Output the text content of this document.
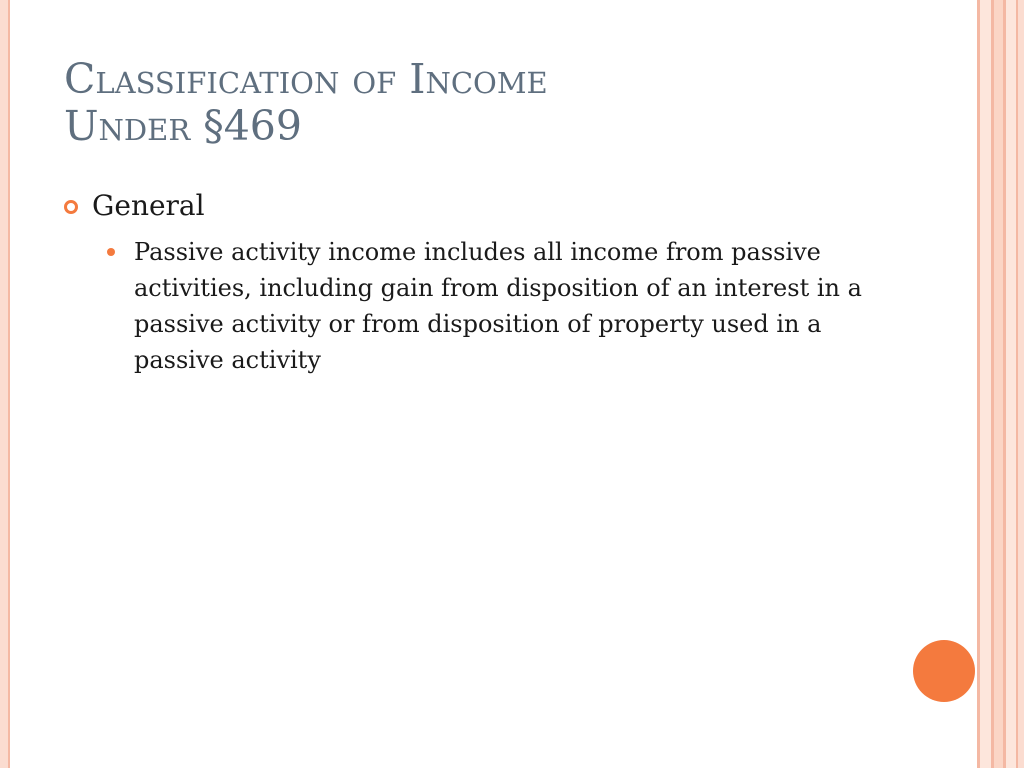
Classification of Income
Under §469
General
Passive activity income includes all income from passive activities, including gain from disposition of an interest in a passive activity or from disposition of property used in a passive activity
